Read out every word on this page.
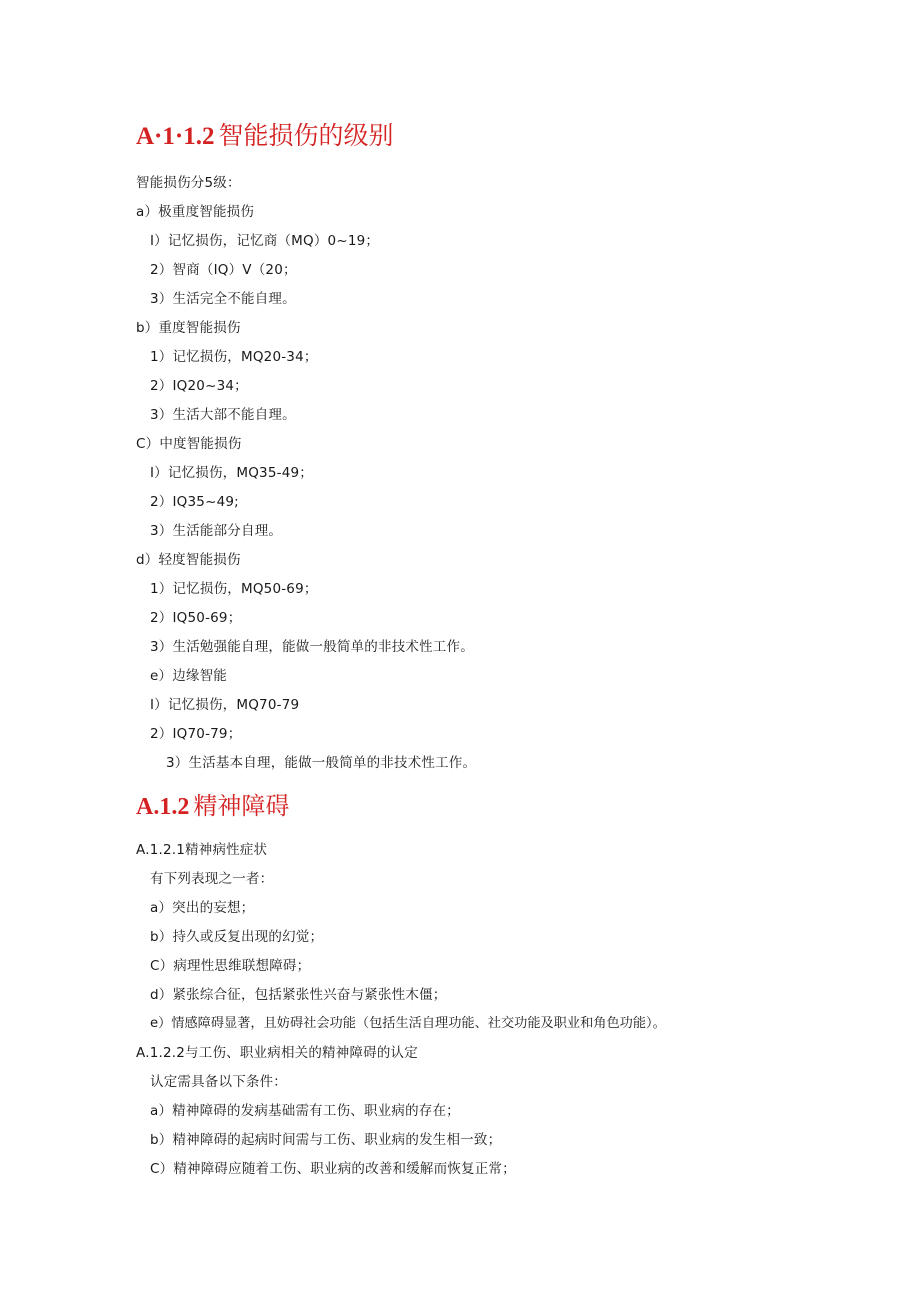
A·1·1.2 智能损伤的级别
智能损伤分5级：
a）极重度智能损伤
I）记忆损伤，记忆商（MQ）0~19；
2）智商（IQ）V（20；
3）生活完全不能自理。
b）重度智能损伤
1）记忆损伤，MQ20-34；
2）IQ20~34；
3）生活大部不能自理。
C）中度智能损伤
I）记忆损伤，MQ35-49；
2）IQ35~49;
3）生活能部分自理。
d）轻度智能损伤
1）记忆损伤，MQ50-69；
2）IQ50-69；
3）生活勉强能自理，能做一般简单的非技术性工作。
e）边缘智能
I）记忆损伤，MQ70-79
2）IQ70-79；
3）生活基本自理，能做一般简单的非技术性工作。
A.1.2 精神障碍
A.1.2.1精神病性症状
有下列表现之一者：
a）突出的妄想；
b）持久或反复出现的幻觉；
C）病理性思维联想障碍；
d）紧张综合征，包括紧张性兴奋与紧张性木僵；
e）情感障碍显著，且妨碍社会功能（包括生活自理功能、社交功能及职业和角色功能）。
A.1.2.2与工伤、职业病相关的精神障碍的认定
认定需具备以下条件：
a）精神障碍的发病基础需有工伤、职业病的存在；
b）精神障碍的起病时间需与工伤、职业病的发生相一致；
C）精神障碍应随着工伤、职业病的改善和缓解而恢复正常；
